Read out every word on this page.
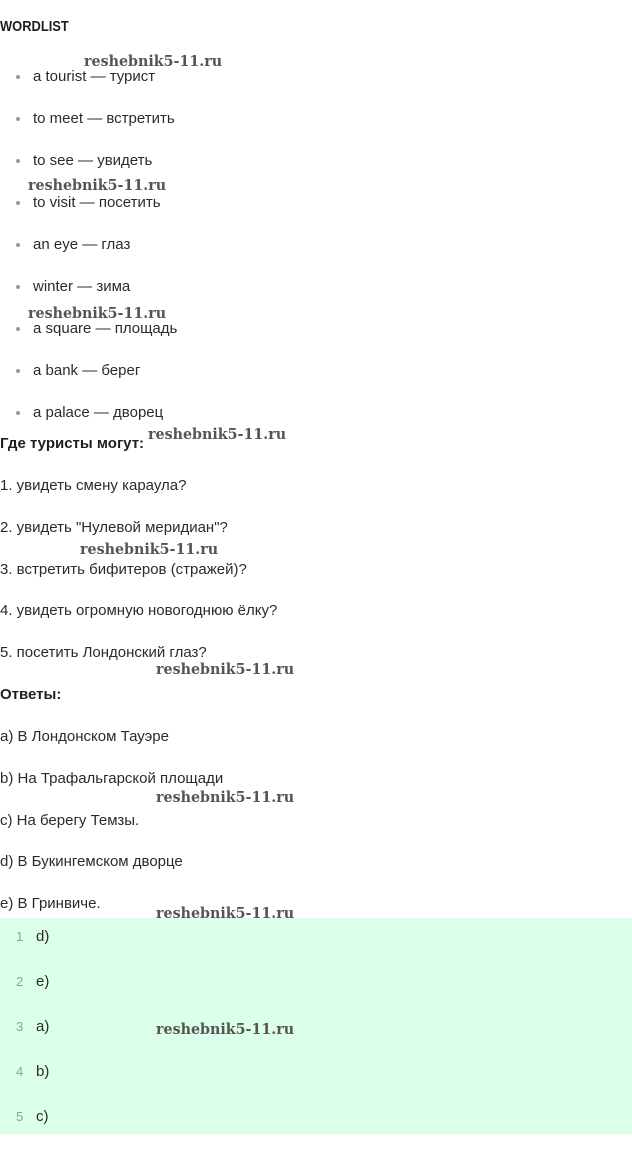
WORDLIST
a tourist — турист
to meet — встретить
to see — увидеть
to visit — посетить
an eye — глаз
winter — зима
a square — площадь
a bank — берег
a palace — дворец

Где туристы могут:

1. увидеть смену караула?

2. увидеть "Нулевой меридиан"?

3. встретить бифитеров (стражей)?

4. увидеть огромную новогоднюю ёлку?

5. посетить Лондонский глаз?

Ответы:

a) В Лондонском Тауэре

b) На Трафальгарской площади

c) На берегу Темзы.

d) В Букингемском дворце

e) В Гринвиче.

1 d)
2 e)
3 a)
4 b)
5 c)
reshebnik5-11.ru
reshebnik5-11.ru
reshebnik5-11.ru
reshebnik5-11.ru
reshebnik5-11.ru
reshebnik5-11.ru
reshebnik5-11.ru
reshebnik5-11.ru
reshebnik5-11.ru
